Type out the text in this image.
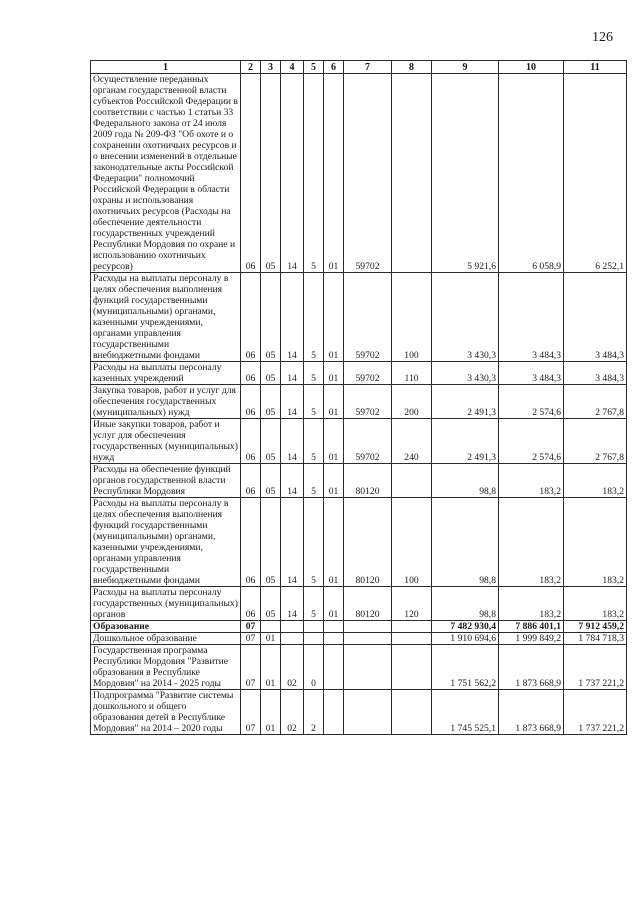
126
1	2	3	4	5	6	7	8	9	10	11
Осуществление переданных органам государственной власти субъектов Российской Федерации в соответствии с частью 1 статьи 33 Федерального закона от 24 июля 2009 года № 209-ФЗ "Об охоте и о сохранении охотничьих ресурсов и о внесении изменений в отдельные законодательные акты Российской Федерации" полномочий Российской Федерации в области охраны и использования охотничьих ресурсов (Расходы на обеспечение деятельности государственных учреждений Республики Мордовия по охране и использованию охотничьих ресурсов)	06	05	14	5	01	59702		5 921,6	6 058,9	6 252,1
Расходы на выплаты персоналу в целях обеспечения выполнения функций государственными (муниципальными) органами, казенными учреждениями, органами управления государственными внебюджетными фондами	06	05	14	5	01	59702	100	3 430,3	3 484,3	3 484,3
Расходы на выплаты персоналу казенных учреждений	06	05	14	5	01	59702	110	3 430,3	3 484,3	3 484,3
Закупка товаров, работ и услуг для обеспечения государственных (муниципальных) нужд	06	05	14	5	01	59702	200	2 491,3	2 574,6	2 767,8
Иные закупки товаров, работ и услуг для обеспечения государственных (муниципальных) нужд	06	05	14	5	01	59702	240	2 491,3	2 574,6	2 767,8
Расходы на обеспечение функций органов государственной власти Республики Мордовия	06	05	14	5	01	80120		98,8	183,2	183,2
Расходы на выплаты персоналу в целях обеспечения выполнения функций государственными (муниципальными) органами, казенными учреждениями, органами управления государственными внебюджетными фондами	06	05	14	5	01	80120	100	98,8	183,2	183,2
Расходы на выплаты персоналу государственных (муниципальных) органов	06	05	14	5	01	80120	120	98,8	183,2	183,2
Образование	07							7 482 930,4	7 886 401,1	7 912 459,2
Дошкольное образование	07	01						1 910 694,6	1 999 849,2	1 784 718,3
Государственная программа Республики Мордовия "Развитие образования в Республике Мордовия" на 2014 - 2025 годы	07	01	02	0				1 751 562,2	1 873 668,9	1 737 221,2
Подпрограмма "Развитие системы дошкольного и общего образования детей в Республике Мордовия" на 2014 – 2020 годы	07	01	02	2				1 745 525,1	1 873 668,9	1 737 221,2
